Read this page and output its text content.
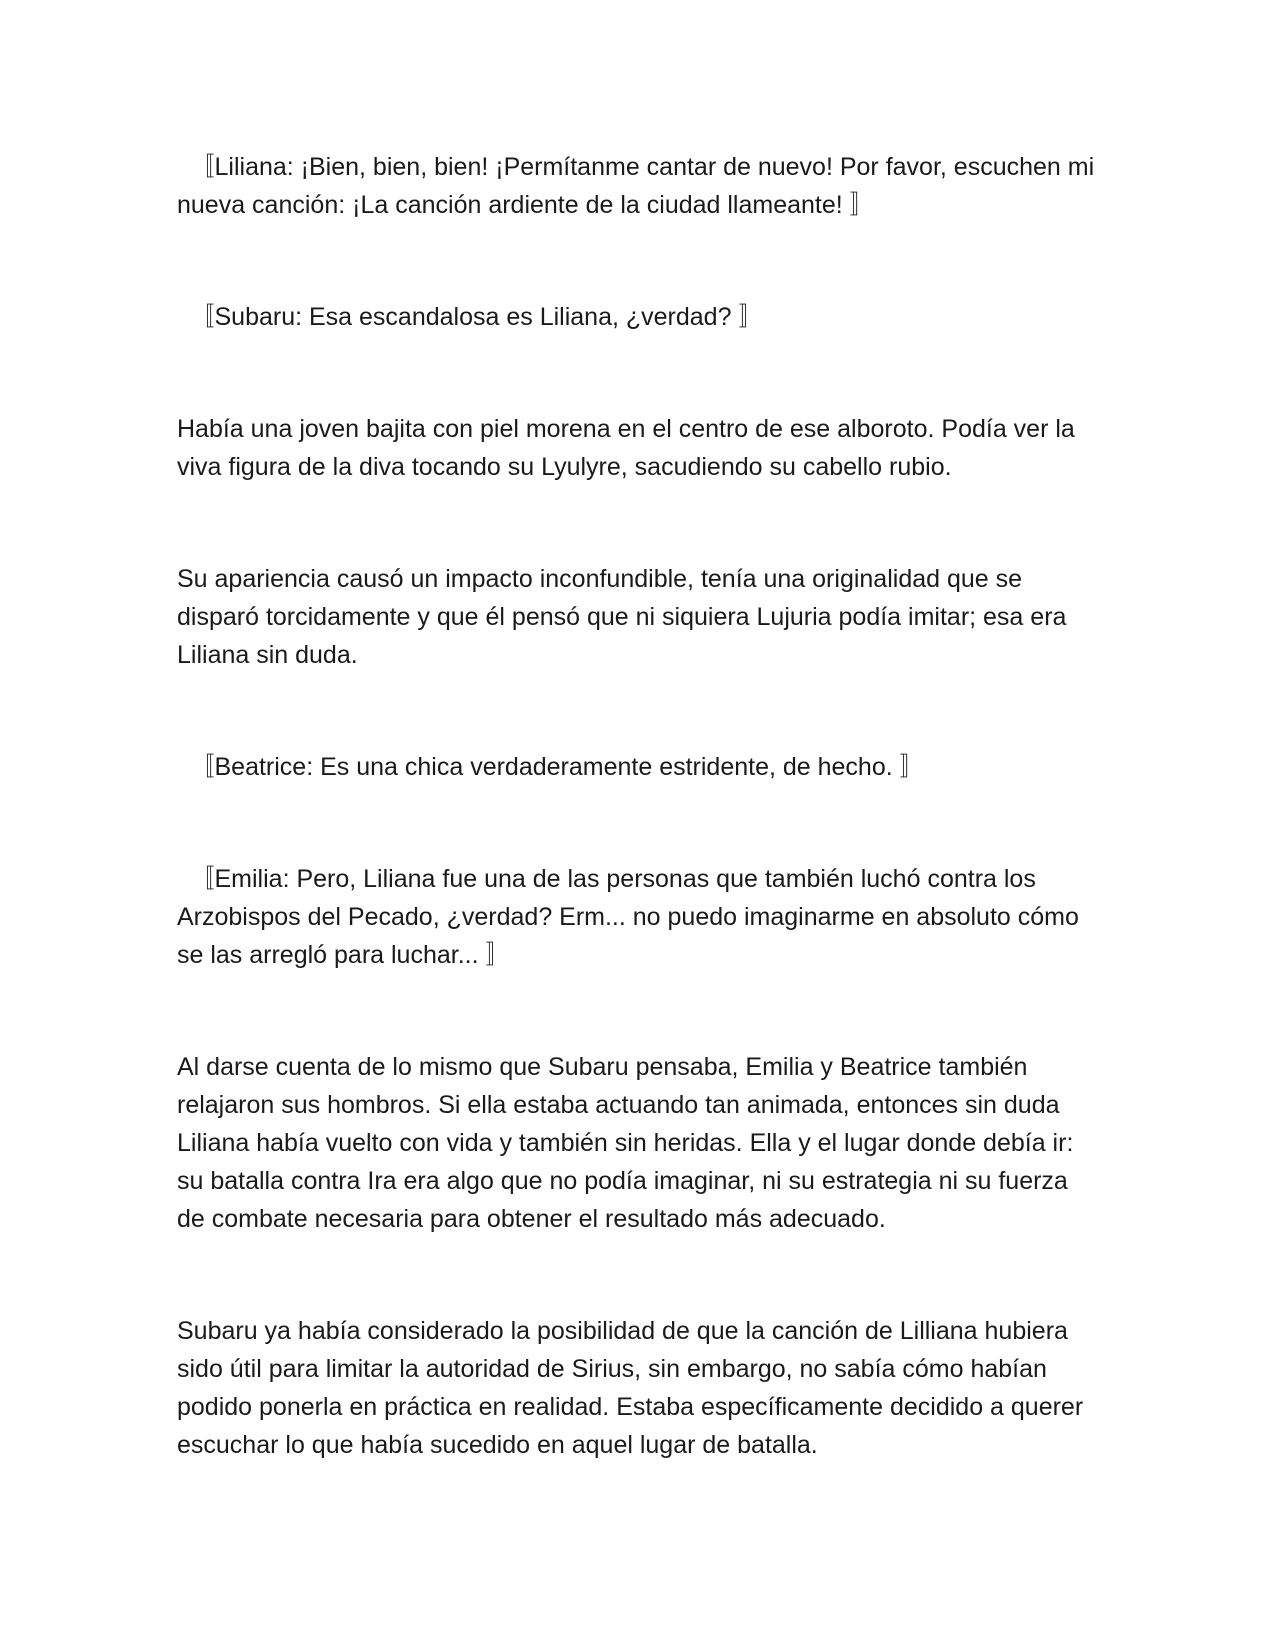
　〚Liliana: ¡Bien, bien, bien! ¡Permítanme cantar de nuevo! Por favor, escuchen mi nueva canción: ¡La canción ardiente de la ciudad llameante! 〛

　〚Subaru: Esa escandalosa es Liliana, ¿verdad? 〛

Había una joven bajita con piel morena en el centro de ese alboroto. Podía ver la viva figura de la diva tocando su Lyulyre, sacudiendo su cabello rubio.

Su apariencia causó un impacto inconfundible, tenía una originalidad que se disparó torcidamente y que él pensó que ni siquiera Lujuria podía imitar; esa era Liliana sin duda.

　〚Beatrice: Es una chica verdaderamente estridente, de hecho. 〛

　〚Emilia: Pero, Liliana fue una de las personas que también luchó contra los Arzobispos del Pecado, ¿verdad? Erm... no puedo imaginarme en absoluto cómo se las arregló para luchar... 〛

Al darse cuenta de lo mismo que Subaru pensaba, Emilia y Beatrice también relajaron sus hombros. Si ella estaba actuando tan animada, entonces sin duda Liliana había vuelto con vida y también sin heridas. Ella y el lugar donde debía ir: su batalla contra Ira era algo que no podía imaginar, ni su estrategia ni su fuerza de combate necesaria para obtener el resultado más adecuado.

Subaru ya había considerado la posibilidad de que la canción de Lilliana hubiera sido útil para limitar la autoridad de Sirius, sin embargo, no sabía cómo habían podido ponerla en práctica en realidad. Estaba específicamente decidido a querer escuchar lo que había sucedido en aquel lugar de batalla.
